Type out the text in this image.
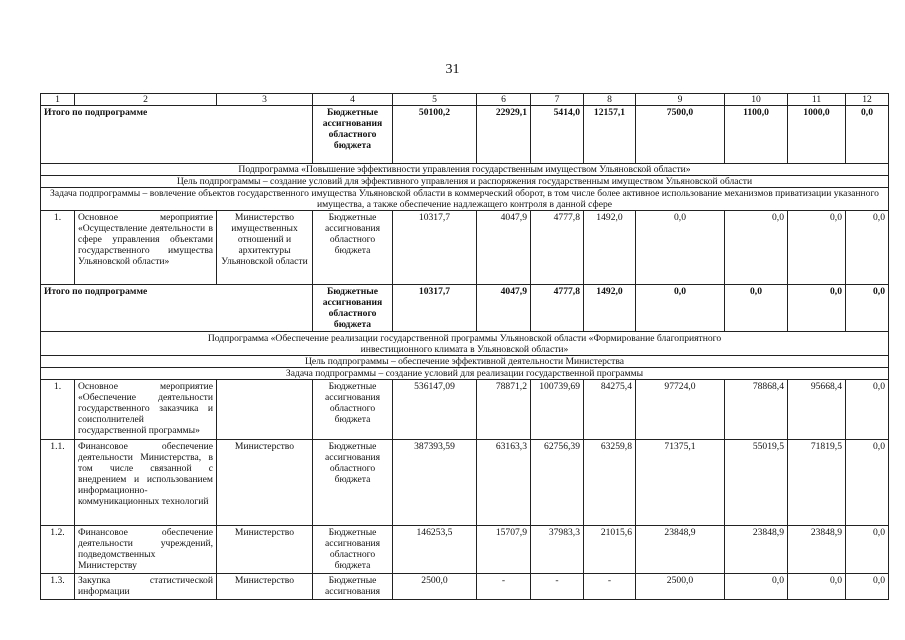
31
1	2	3	4	5	6	7	8	9	10	11	12
Итого по подпрограмме			Бюджетные ассигнования областного бюджета	50100,2	22929,1	5414,0	12157,1	7500,0	1100,0	1000,0	0,0
Подпрограмма «Повышение эффективности управления государственным имуществом Ульяновской области»											
Цель подпрограммы – создание условий для эффективного управления и распоряжения государственным имуществом Ульяновской области											
Задача подпрограммы – вовлечение объектов государственного имущества Ульяновской области в коммерческий оборот, в том числе более активное использование механизмов приватизации указанного имущества, а также обеспечение надлежащего контроля в данной сфере											
1.	Основное мероприятие «Осуществление деятельности в сфере управления объектами государственного имущества Ульяновской области»	Министерство имущественных отношений и архитектуры Ульяновской области	Бюджетные ассигнования областного бюджета	10317,7	4047,9	4777,8	1492,0	0,0	0,0	0,0	0,0
Итого по подпрограмме			Бюджетные ассигнования областного бюджета	10317,7	4047,9	4777,8	1492,0	0,0	0,0	0,0	0,0
Подпрограмма «Обеспечение реализации государственной программы Ульяновской области «Формирование благоприятного инвестиционного климата в Ульяновской области»											
Цель подпрограммы – обеспечение эффективной деятельности Министерства											
Задача подпрограммы – создание условий для реализации государственной программы											
1.	Основное мероприятие «Обеспечение деятельности государственного заказчика и соисполнителей государственной программы»		Бюджетные ассигнования областного бюджета	536147,09	78871,2	100739,69	84275,4	97724,0	78868,4	95668,4	0,0
1.1.	Финансовое обеспечение деятельности Министерства, в том числе связанной с внедрением и использованием информационно-коммуникационных технологий	Министерство	Бюджетные ассигнования областного бюджета	387393,59	63163,3	62756,39	63259,8	71375,1	55019,5	71819,5	0,0
1.2.	Финансовое обеспечение деятельности учреждений, подведомственных Министерству	Министерство	Бюджетные ассигнования областного бюджета	146253,5	15707,9	37983,3	21015,6	23848,9	23848,9	23848,9	0,0
1.3.	Закупка статистической информации	Министерство	Бюджетные ассигнования	2500,0	-	-	-	2500,0	0,0	0,0	0,0
